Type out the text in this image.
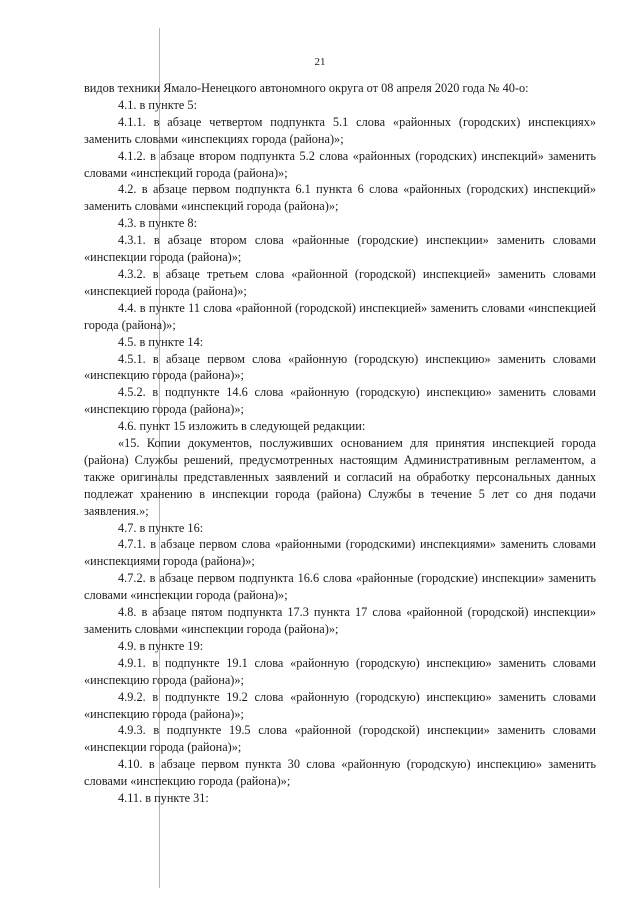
21

видов техники Ямало-Ненецкого автономного округа от 08 апреля 2020 года № 40-о:

4.1. в пункте 5:

4.1.1. в абзаце четвертом подпункта 5.1 слова «районных (городских) инспекциях» заменить словами «инспекциях города (района)»;

4.1.2. в абзаце втором подпункта 5.2 слова «районных (городских) инспекций» заменить словами «инспекций города (района)»;

4.2. в абзаце первом подпункта 6.1 пункта 6 слова «районных (городских) инспекций» заменить словами «инспекций города (района)»;

4.3. в пункте 8:

4.3.1. в абзаце втором слова «районные (городские) инспекции» заменить словами «инспекции города (района)»;

4.3.2. в абзаце третьем слова «районной (городской) инспекцией» заменить словами «инспекцией города (района)»;

4.4. в пункте 11 слова «районной (городской) инспекцией» заменить словами «инспекцией города (района)»;

4.5. в пункте 14:

4.5.1. в абзаце первом слова «районную (городскую) инспекцию» заменить словами «инспекцию города (района)»;

4.5.2. в подпункте 14.6 слова «районную (городскую) инспекцию» заменить словами «инспекцию города (района)»;

4.6. пункт 15 изложить в следующей редакции:

«15. Копии документов, послуживших основанием для принятия инспекцией города (района) Службы решений, предусмотренных настоящим Административным регламентом, а также оригиналы представленных заявлений и согласий на обработку персональных данных подлежат хранению в инспекции города (района) Службы в течение 5 лет со дня подачи заявления.»;

4.7. в пункте 16:

4.7.1. в абзаце первом слова «районными (городскими) инспекциями» заменить словами «инспекциями города (района)»;

4.7.2. в абзаце первом подпункта 16.6 слова «районные (городские) инспекции» заменить словами «инспекции города (района)»;

4.8. в абзаце пятом подпункта 17.3 пункта 17 слова «районной (городской) инспекции» заменить словами «инспекции города (района)»;

4.9. в пункте 19:

4.9.1. в подпункте 19.1 слова «районную (городскую) инспекцию» заменить словами «инспекцию города (района)»;

4.9.2. в подпункте 19.2 слова «районную (городскую) инспекцию» заменить словами «инспекцию города (района)»;

4.9.3. в подпункте 19.5 слова «районной (городской) инспекции» заменить словами «инспекции города (района)»;

4.10. в абзаце первом пункта 30 слова «районную (городскую) инспекцию» заменить словами «инспекцию города (района)»;

4.11. в пункте 31:
